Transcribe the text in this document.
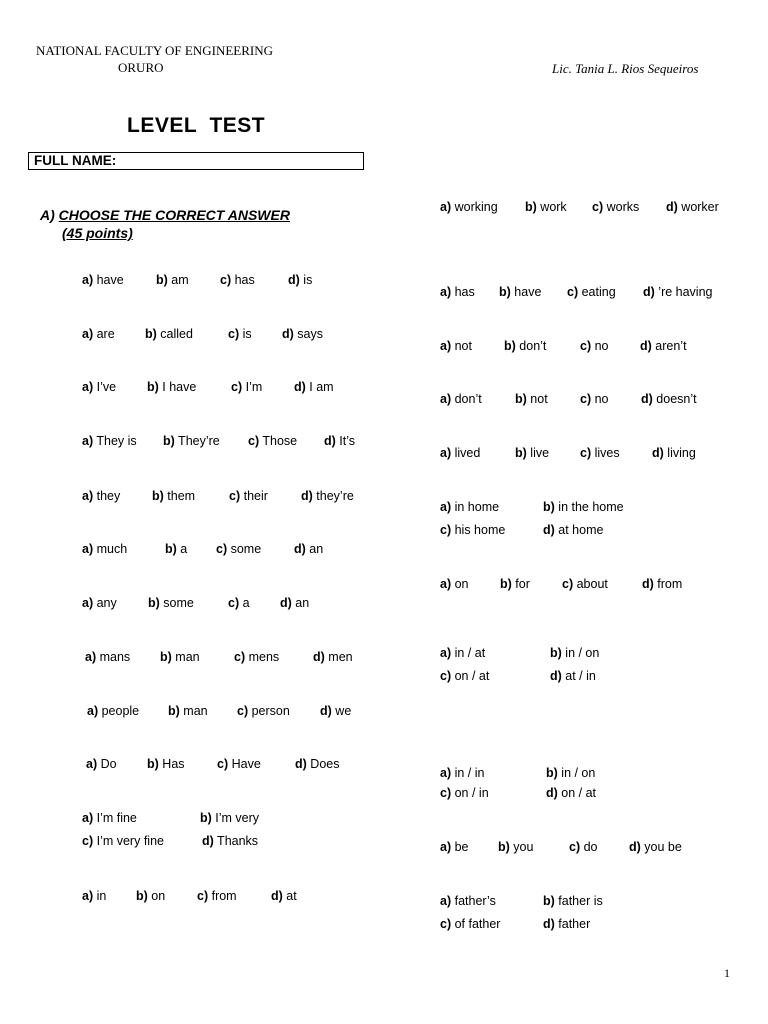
NATIONAL FACULTY OF ENGINEERING
ORURO	Lic. Tania L. Rios Sequeiros
LEVEL  TEST
FULL NAME:
A) CHOOSE THE CORRECT ANSWER
(45 points)
a) have	b) am	c) has	d) is
a) are b) called	c) is d) says
a) I’ve b) I have	c) I’m	d) I am
a) They is b) They’re c) Those d) It’s
a) they	b) them	c) their	d) they’re
a) much	b) a c) some	d) an
a) any b) some	c) a d) an
a) mans b) man	c) mens	d) men
a) people b) man c) person d) we
a) Do b) Has	c) Have	d) Does
a) I’m fine	b) I’m very
c) I’m very fine	d) Thanks
a) in b) on	c) from	d) at
a) working b) work c) works d) worker
a) has b) have c) eating d) ’re having
a) not	b) don’t	c) no	d) aren’t
a) don’t	b) not	c) no	d) doesn’t
a) lived	b) live c) lives	d) living
a) in home	b) in the home
c) his home	d) at home
a) on	b) for	c) about	d) from
a) in / at	b) in / on
c) on / at	d) at / in
a) in / in	b) in / on
c) on / in	d) on / at
a) be b) you	c) do	d) you be
a) father’s	b) father is
c) of father	d) father
1
